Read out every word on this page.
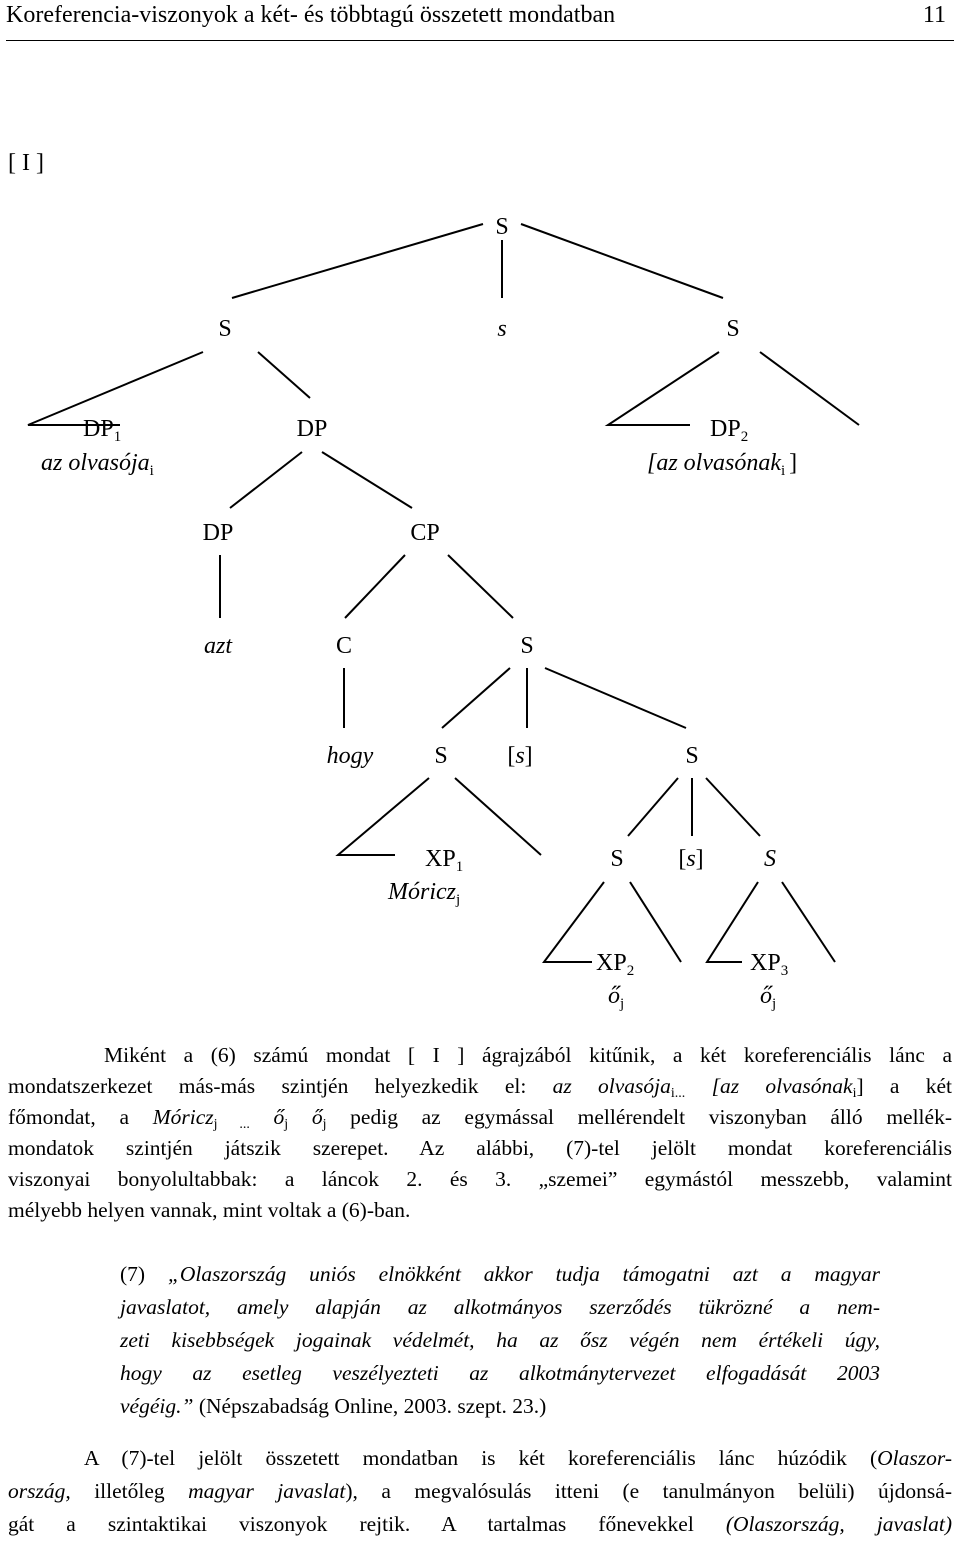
Koreferencia-viszonyok a két- és többtagú összetett mondatban	11
[ I ]
S
S	s	S
$DP_1$
az olvasója$_i$
DP	$DP_2$
[az olvasónak$_i$ ]
DP	CP
azt	C	S
hogy	S [s]	S
$XP_1$
Móricz$_j$
S [s]	S
$XP_2$
$ő_j$
$XP_3$
$ő_j$
Miként a (6) számú mondat [ I ] ágrajzából kitűnik, a két koreferenciális lánc a
mondatszerkezet más-más szintjén helyezkedik el: az olvasója$_{i...}$ [az olvasónak$_i$] a két
főmondat, a Móricz$_{j ...}$ $ő_j$ $ő_j$ pedig az egymással mellérendelt viszonyban álló mellék-
mondatok szintjén játszik szerepet. Az alábbi, (7)-tel jelölt mondat koreferenciális
viszonyai bonyolultabbak: a láncok 2. és 3. „szemei” egymástól messzebb, valamint
mélyebb helyen vannak, mint voltak a (6)-ban.
(7) „Olaszország uniós elnökként akkor tudja támogatni azt a magyar
javaslatot, amely alapján az alkotmányos szerződés tükrözné a nem-
zeti kisebbségek jogainak védelmét, ha az ősz végén nem értékeli úgy,
hogy az esetleg veszélyezteti az alkotmánytervezet elfogadását 2003
végéig.” (Népszabadság Online, 2003. szept. 23.)
A (7)-tel jelölt összetett mondatban is két koreferenciális lánc húzódik (Olaszor-
ország, illetőleg magyar javaslat), a megvalósulás itteni (e tanulmányon belüli) újdonsá-
gát a szintaktikai viszonyok rejtik. A tartalmas főnevekkel (Olaszország, javaslat)
